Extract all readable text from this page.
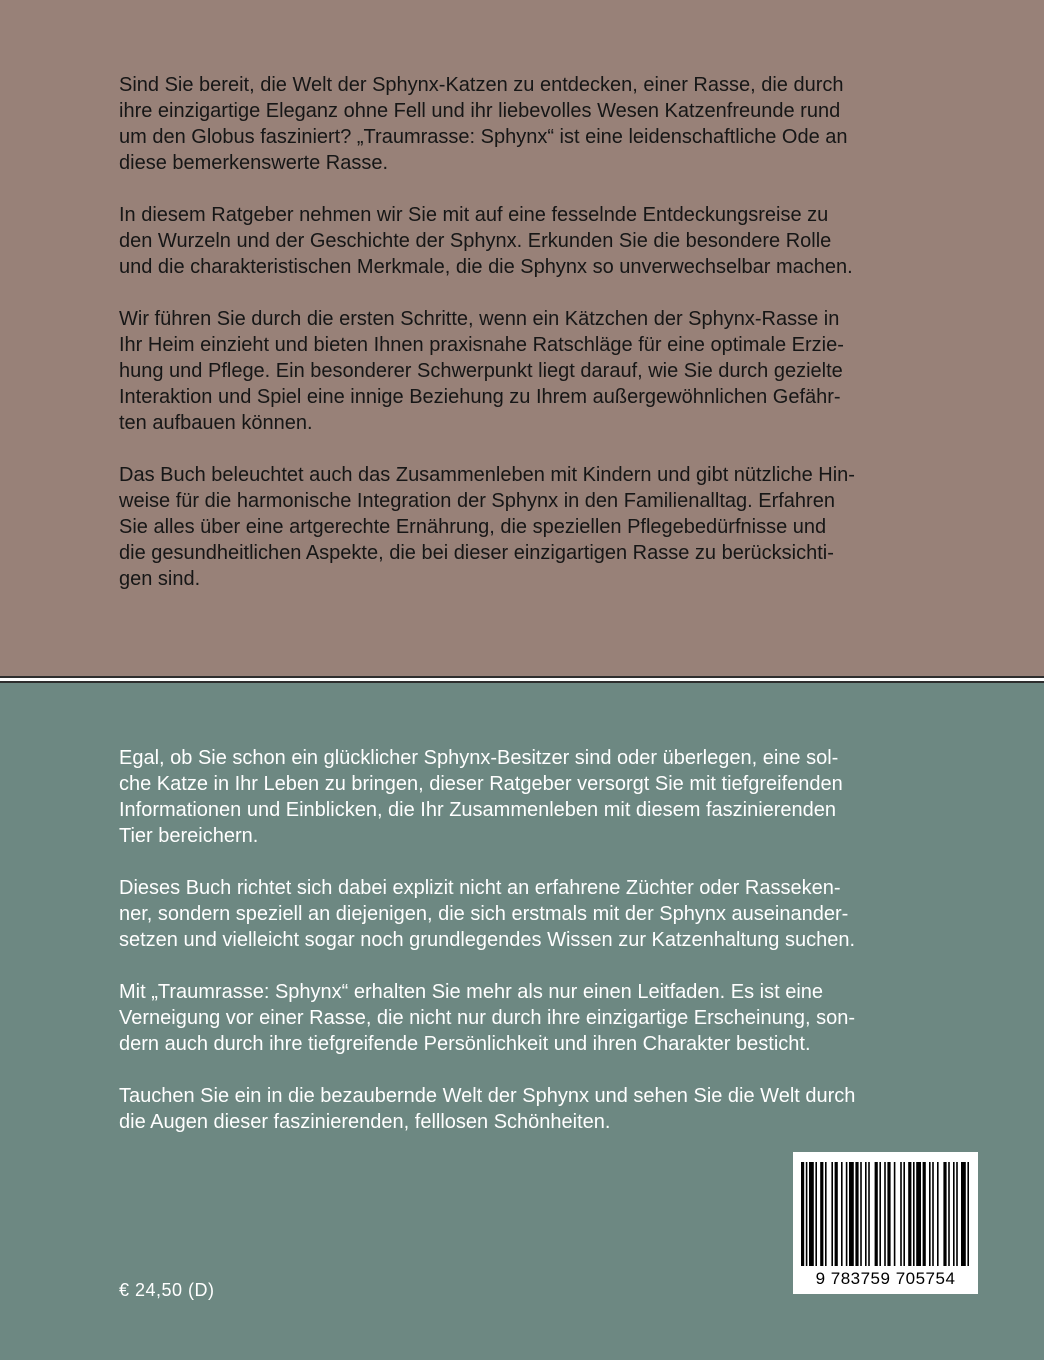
Sind Sie bereit, die Welt der Sphynx-Katzen zu entdecken, einer Rasse, die durch
ihre einzigartige Eleganz ohne Fell und ihr liebevolles Wesen Katzenfreunde rund
um den Globus fasziniert? „Traumrasse: Sphynx“ ist eine leidenschaftliche Ode an
diese bemerkenswerte Rasse.
In diesem Ratgeber nehmen wir Sie mit auf eine fesselnde Entdeckungsreise zu
den Wurzeln und der Geschichte der Sphynx. Erkunden Sie die besondere Rolle
und die charakteristischen Merkmale, die die Sphynx so unverwechselbar machen.
Wir führen Sie durch die ersten Schritte, wenn ein Kätzchen der Sphynx-Rasse in
Ihr Heim einzieht und bieten Ihnen praxisnahe Ratschläge für eine optimale Erzie-
hung und Pflege. Ein besonderer Schwerpunkt liegt darauf, wie Sie durch gezielte
Interaktion und Spiel eine innige Beziehung zu Ihrem außergewöhnlichen Gefähr-
ten aufbauen können.
Das Buch beleuchtet auch das Zusammenleben mit Kindern und gibt nützliche Hin-
weise für die harmonische Integration der Sphynx in den Familienalltag. Erfahren
Sie alles über eine artgerechte Ernährung, die speziellen Pflegebedürfnisse und
die gesundheitlichen Aspekte, die bei dieser einzigartigen Rasse zu berücksichti-
gen sind.
Egal, ob Sie schon ein glücklicher Sphynx-Besitzer sind oder überlegen, eine sol-
che Katze in Ihr Leben zu bringen, dieser Ratgeber versorgt Sie mit tiefgreifenden
Informationen und Einblicken, die Ihr Zusammenleben mit diesem faszinierenden
Tier bereichern.
Dieses Buch richtet sich dabei explizit nicht an erfahrene Züchter oder Rasseken-
ner, sondern speziell an diejenigen, die sich erstmals mit der Sphynx auseinander-
setzen und vielleicht sogar noch grundlegendes Wissen zur Katzenhaltung suchen.
Mit „Traumrasse: Sphynx“ erhalten Sie mehr als nur einen Leitfaden. Es ist eine
Verneigung vor einer Rasse, die nicht nur durch ihre einzigartige Erscheinung, son-
dern auch durch ihre tiefgreifende Persönlichkeit und ihren Charakter besticht.
Tauchen Sie ein in die bezaubernde Welt der Sphynx und sehen Sie die Welt durch
die Augen dieser faszinierenden, felllosen Schönheiten.
€ 24,50 (D)
9 783759 705754
